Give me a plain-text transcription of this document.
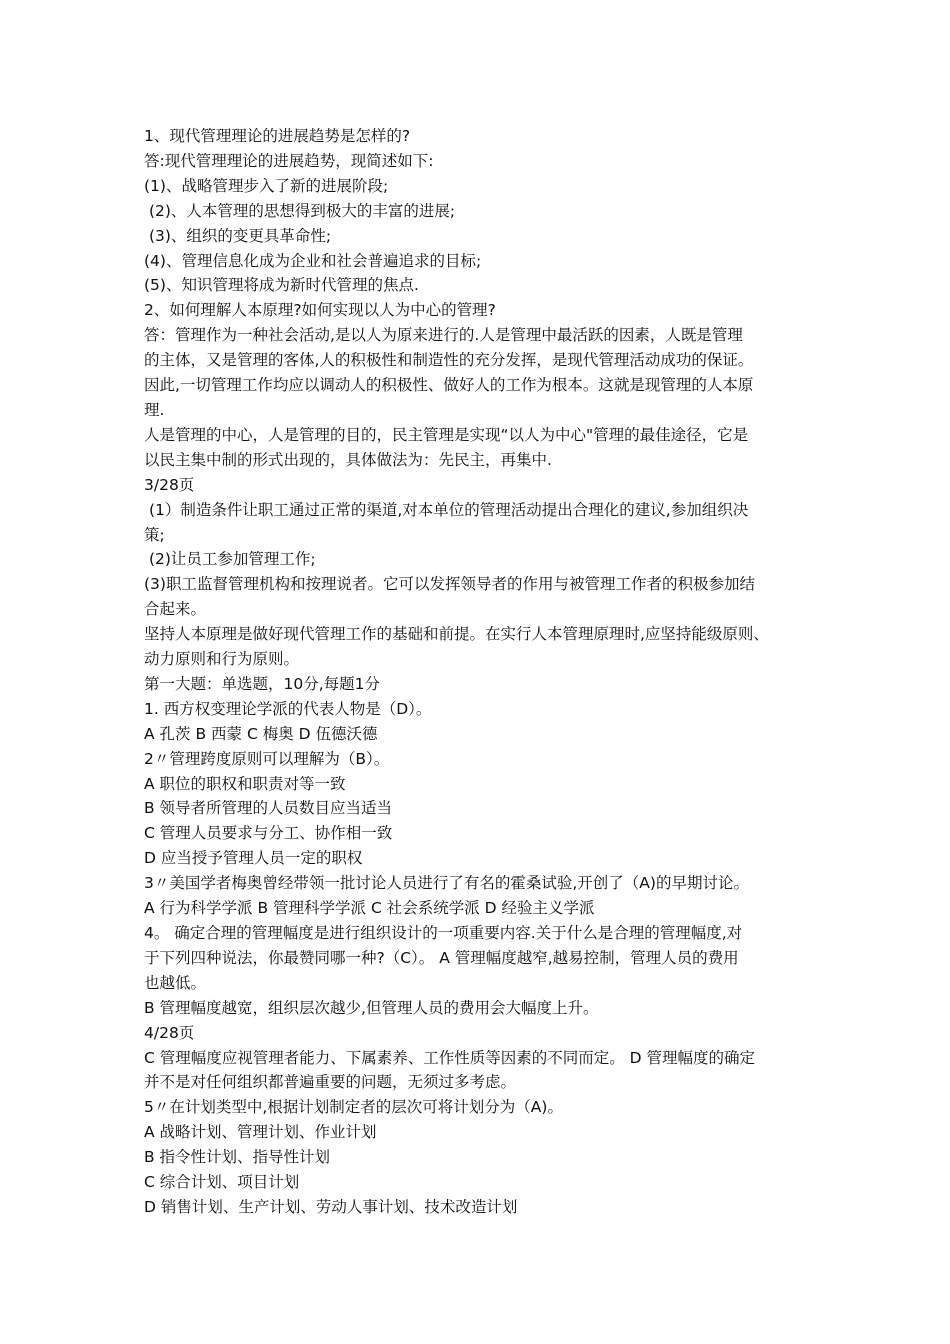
1、现代管理理论的进展趋势是怎样的?

答:现代管理理论的进展趋势，现简述如下:

(1)、战略管理步入了新的进展阶段;

(2)、人本管理的思想得到极大的丰富的进展;

(3)、组织的变更具革命性;

(4)、管理信息化成为企业和社会普遍追求的目标;

(5)、知识管理将成为新时代管理的焦点.

2、如何理解人本原理?如何实现以人为中心的管理?

答：管理作为一种社会活动,是以人为原来进行的.人是管理中最活跃的因素，人既是管理

的主体，又是管理的客体,人的积极性和制造性的充分发挥，是现代管理活动成功的保证。

因此,一切管理工作均应以调动人的积极性、做好人的工作为根本。这就是现管理的人本原

理.

人是管理的中心，人是管理的目的，民主管理是实现“以人为中心"管理的最佳途径，它是

以民主集中制的形式出现的，具体做法为：先民主，再集中.

3/28页

(1）制造条件让职工通过正常的渠道,对本单位的管理活动提出合理化的建议,参加组织决

策;

(2)让员工参加管理工作;

(3)职工监督管理机构和按理说者。它可以发挥领导者的作用与被管理工作者的积极参加结

合起来。

坚持人本原理是做好现代管理工作的基础和前提。在实行人本管理原理时,应坚持能级原则、

动力原则和行为原则。

第一大题：单选题，10分,每题1分

1. 西方权变理论学派的代表人物是（D）。

A 孔茨 B 西蒙 C 梅奥 D 伍德沃德

2〃管理跨度原则可以理解为（B）。

A 职位的职权和职责对等一致

B 领导者所管理的人员数目应当适当

C 管理人员要求与分工、协作相一致

D 应当授予管理人员一定的职权

3〃美国学者梅奥曾经带领一批讨论人员进行了有名的霍桑试验,开创了（A)的早期讨论。

A 行为科学学派 B 管理科学学派 C 社会系统学派 D 经验主义学派

4。 确定合理的管理幅度是进行组织设计的一项重要内容.关于什么是合理的管理幅度,对

于下列四种说法，你最赞同哪一种?（C）。 A 管理幅度越窄,越易控制，管理人员的费用

也越低。

B 管理幅度越宽，组织层次越少,但管理人员的费用会大幅度上升。

4/28页

C 管理幅度应视管理者能力、下属素养、工作性质等因素的不同而定。 D 管理幅度的确定

并不是对任何组织都普遍重要的问题，无须过多考虑。

5〃在计划类型中,根据计划制定者的层次可将计划分为（A)。

A 战略计划、管理计划、作业计划

B 指令性计划、指导性计划

C 综合计划、项目计划

D 销售计划、生产计划、劳动人事计划、技术改造计划
